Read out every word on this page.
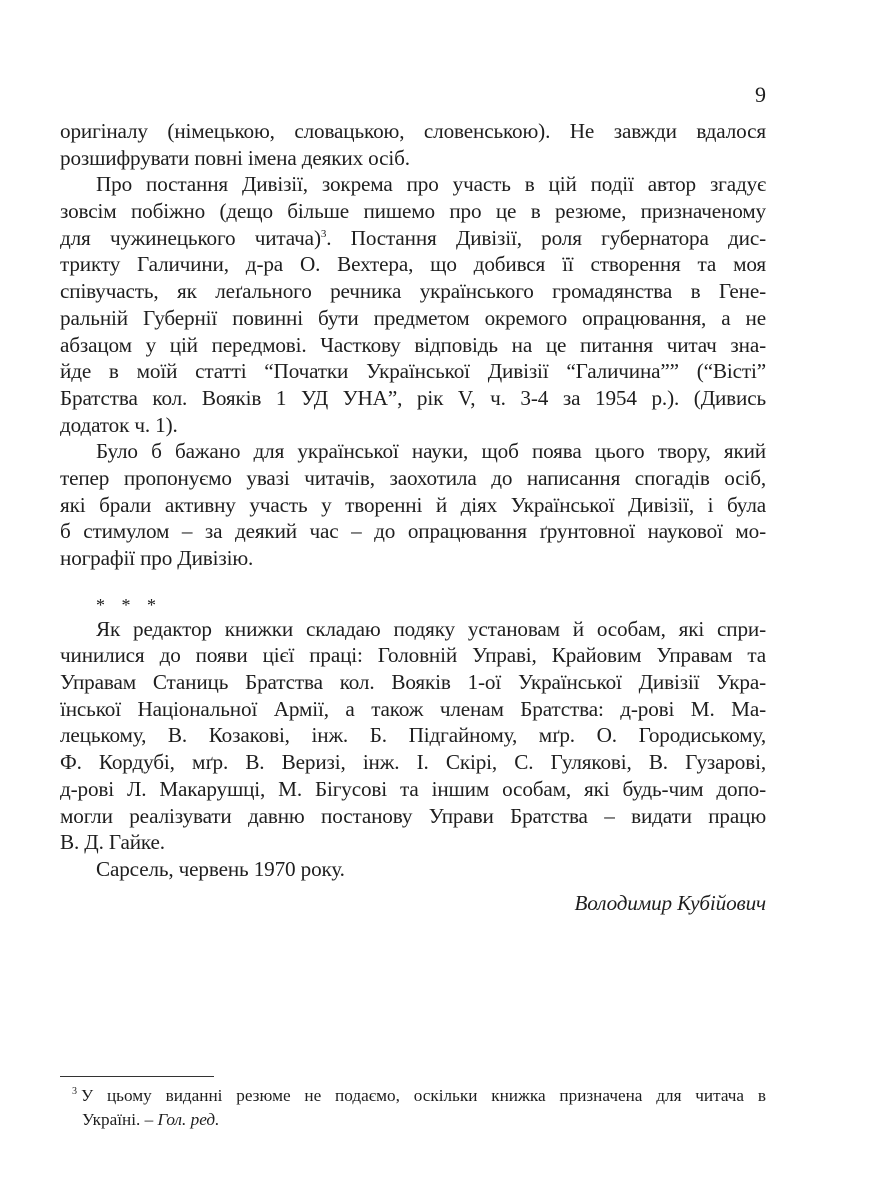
9
оригіналу (німецькою, словацькою, словенською). Не завжди вдалося
розшифрувати повні імена деяких осіб.
Про постання Дивізії, зокрема про участь в цій події автор згадує
зовсім побіжно (дещо більше пишемо про це в резюме, призначеному
для чужинецького читача)$^3$. Постання Дивізії, роля губернатора дис-
трикту Галичини, д-ра О. Вехтера, що добився її створення та моя
співучасть, як леґального речника українського громадянства в Гене-
ральній Губернії повинні бути предметом окремого опрацювання, а не
абзацом у цій передмові. Часткову відповідь на це питання читач зна-
йде в моїй статті “Початки Української Дивізії “Галичина”” (“Вісті”
Братства кол. Вояків 1 УД УНА”, рік V, ч. 3-4 за 1954 р.). (Дивись
додаток ч. 1).
Було б бажано для української науки, щоб поява цього твору, який
тепер пропонуємо увазі читачів, заохотила до написання спогадів осіб,
які брали активну участь у творенні й діях Української Дивізії, і була
б стимулом – за деякий час – до опрацювання ґрунтовної наукової мо-
нографії про Дивізію.
* * *
Як редактор книжки складаю подяку установам й особам, які спри-
чинилися до появи цієї праці: Головній Управі, Крайовим Управам та
Управам Станиць Братства кол. Вояків 1-ої Української Дивізії Укра-
їнської Національної Армії, а також членам Братства: д-рові М. Ма-
лецькому, В. Козакові, інж. Б. Підгайному, мґр. О. Городиському,
Ф. Кордубі, мґр. В. Веризі, інж. І. Скірі, С. Гулякові, В. Гузарові,
д-рові Л. Макарушці, М. Бігусові та іншим особам, які будь-чим допо-
могли реалізувати давню постанову Управи Братства – видати працю
В. Д. Гайке.
Сарсель, червень 1970 року.
Володимир Кубійович
$^3$ У цьому виданні резюме не подаємо, оскільки книжка призначена для читача в
Україні. – Гол. ред.
